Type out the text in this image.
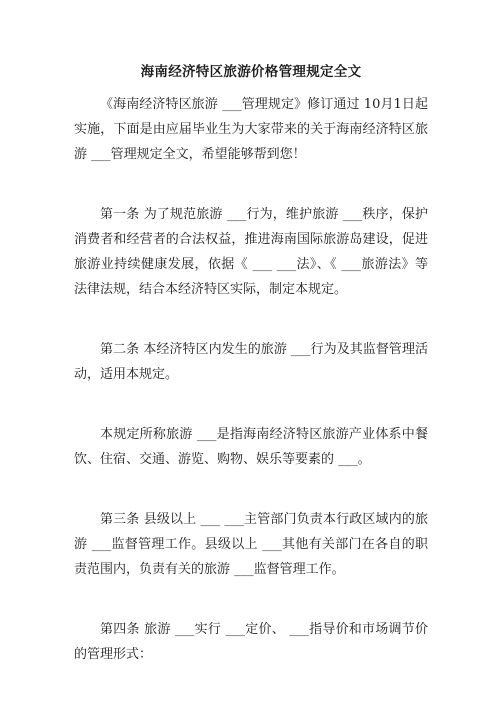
海南经济特区旅游价格管理规定全文

《海南经济特区旅游 ___管理规定》修订通过 10月1日起实施，下面是由应届毕业生为大家带来的关于海南经济特区旅游 ___管理规定全文，希望能够帮到您！

第一条 为了规范旅游 ___行为，维护旅游 ___秩序，保护消费者和经营者的合法权益，推进海南国际旅游岛建设，促进旅游业持续健康发展，依据《 ___ ___法》、《 ___旅游法》等法律法规，结合本经济特区实际，制定本规定。

第二条 本经济特区内发生的旅游 ___行为及其监督管理活动，适用本规定。

本规定所称旅游 ___是指海南经济特区旅游产业体系中餐饮、住宿、交通、游览、购物、娱乐等要素的 ___。

第三条 县级以上 ___ ___主管部门负责本行政区域内的旅游 ___监督管理工作。县级以上 ___其他有关部门在各自的职责范围内，负责有关的旅游 ___监督管理工作。

第四条 旅游 ___实行 ___定价、 ___指导价和市场调节价的管理形式：
